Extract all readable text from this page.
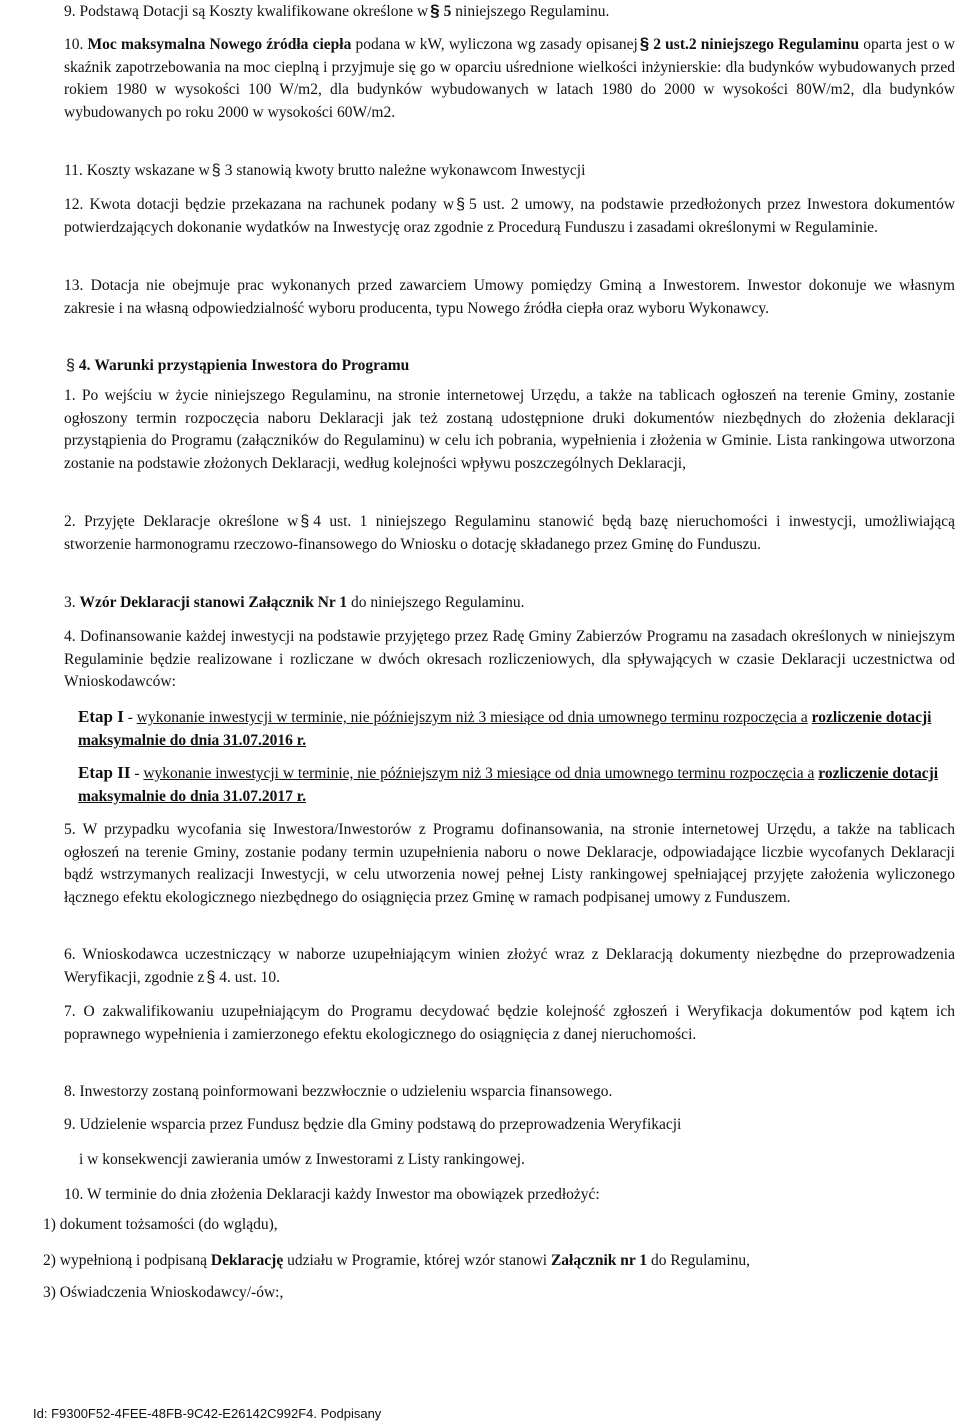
9. Podstawą Dotacji są Koszty kwalifikowane określone w § 5 niniejszego Regulaminu.

10. Moc maksymalna Nowego źródła ciepła podana w kW, wyliczona wg zasady opisanej § 2 ust.2 niniejszego Regulaminu oparta jest o w skaźnik zapotrzebowania na moc cieplną i przyjmuje się go w oparciu uśrednione wielkości inżynierskie: dla budynków wybudowanych przed rokiem 1980 w wysokości 100 W/m2, dla budynków wybudowanych w latach 1980 do 2000 w wysokości 80W/m2, dla budynków wybudowanych po roku 2000 w wysokości 60W/m2.

11. Koszty wskazane w § 3 stanowią kwoty brutto należne wykonawcom Inwestycji

12. Kwota dotacji będzie przekazana na rachunek podany w § 5 ust. 2 umowy, na podstawie przedłożonych przez Inwestora dokumentów potwierdzających dokonanie wydatków na Inwestycję oraz zgodnie z Procedurą Funduszu i zasadami określonymi w Regulaminie.

13. Dotacja nie obejmuje prac wykonanych przed zawarciem Umowy pomiędzy Gminą a Inwestorem. Inwestor dokonuje we własnym zakresie i na własną odpowiedzialność wyboru producenta, typu Nowego źródła ciepła oraz wyboru Wykonawcy.

§ 4. Warunki przystąpienia Inwestora do Programu

1. Po wejściu w życie niniejszego Regulaminu, na stronie internetowej Urzędu, a także na tablicach ogłoszeń na terenie Gminy, zostanie ogłoszony termin rozpoczęcia naboru Deklaracji jak też zostaną udostępnione druki dokumentów niezbędnych do złożenia deklaracji przystąpienia do Programu (załączników do Regulaminu) w celu ich pobrania, wypełnienia i złożenia w Gminie. Lista rankingowa utworzona zostanie na podstawie złożonych Deklaracji, według kolejności wpływu poszczególnych Deklaracji,

2. Przyjęte Deklaracje określone w § 4 ust. 1 niniejszego Regulaminu stanowić będą bazę nieruchomości i inwestycji, umożliwiającą stworzenie harmonogramu rzeczowo-finansowego do Wniosku o dotację składanego przez Gminę do Funduszu.

3. Wzór Deklaracji stanowi Załącznik Nr 1 do niniejszego Regulaminu.

4. Dofinansowanie każdej inwestycji na podstawie przyjętego przez Radę Gminy Zabierzów Programu na zasadach określonych w niniejszym Regulaminie będzie realizowane i rozliczane w dwóch okresach rozliczeniowych, dla spływających w czasie Deklaracji uczestnictwa od Wnioskodawców:

Etap I - wykonanie inwestycji w terminie, nie późniejszym niż 3 miesiące od dnia umownego terminu rozpoczęcia a rozliczenie dotacji maksymalnie do dnia 31.07.2016 r.

Etap II - wykonanie inwestycji w terminie, nie późniejszym niż 3 miesiące od dnia umownego terminu rozpoczęcia a rozliczenie dotacji maksymalnie do dnia 31.07.2017 r.

5. W przypadku wycofania się Inwestora/Inwestorów z Programu dofinansowania, na stronie internetowej Urzędu, a także na tablicach ogłoszeń na terenie Gminy, zostanie podany termin uzupełnienia naboru o nowe Deklaracje, odpowiadające liczbie wycofanych Deklaracji bądź wstrzymanych realizacji Inwestycji, w celu utworzenia nowej pełnej Listy rankingowej spełniającej przyjęte założenia wyliczonego łącznego efektu ekologicznego niezbędnego do osiągnięcia przez Gminę w ramach podpisanej umowy z Funduszem.

6. Wnioskodawca uczestniczący w naborze uzupełniającym winien złożyć wraz z Deklaracją dokumenty niezbędne do przeprowadzenia Weryfikacji, zgodnie z § 4. ust. 10.

7. O zakwalifikowaniu uzupełniającym do Programu decydować będzie kolejność zgłoszeń i Weryfikacja dokumentów pod kątem ich poprawnego wypełnienia i zamierzonego efektu ekologicznego do osiągnięcia z danej nieruchomości.

8. Inwestorzy zostaną poinformowani bezzwłocznie o udzieleniu wsparcia finansowego.

9. Udzielenie wsparcia przez Fundusz będzie dla Gminy podstawą do przeprowadzenia Weryfikacji

i w konsekwencji zawierania umów z Inwestorami z Listy rankingowej.

10. W terminie do dnia złożenia Deklaracji każdy Inwestor ma obowiązek przedłożyć:

1) dokument tożsamości (do wglądu),

2) wypełnioną i podpisaną Deklarację udziału w Programie, której wzór stanowi Załącznik nr 1 do Regulaminu,

3) Oświadczenia Wnioskodawcy/-ów:,

Id: F9300F52-4FEE-48FB-9C42-E26142C992F4. Podpisany
